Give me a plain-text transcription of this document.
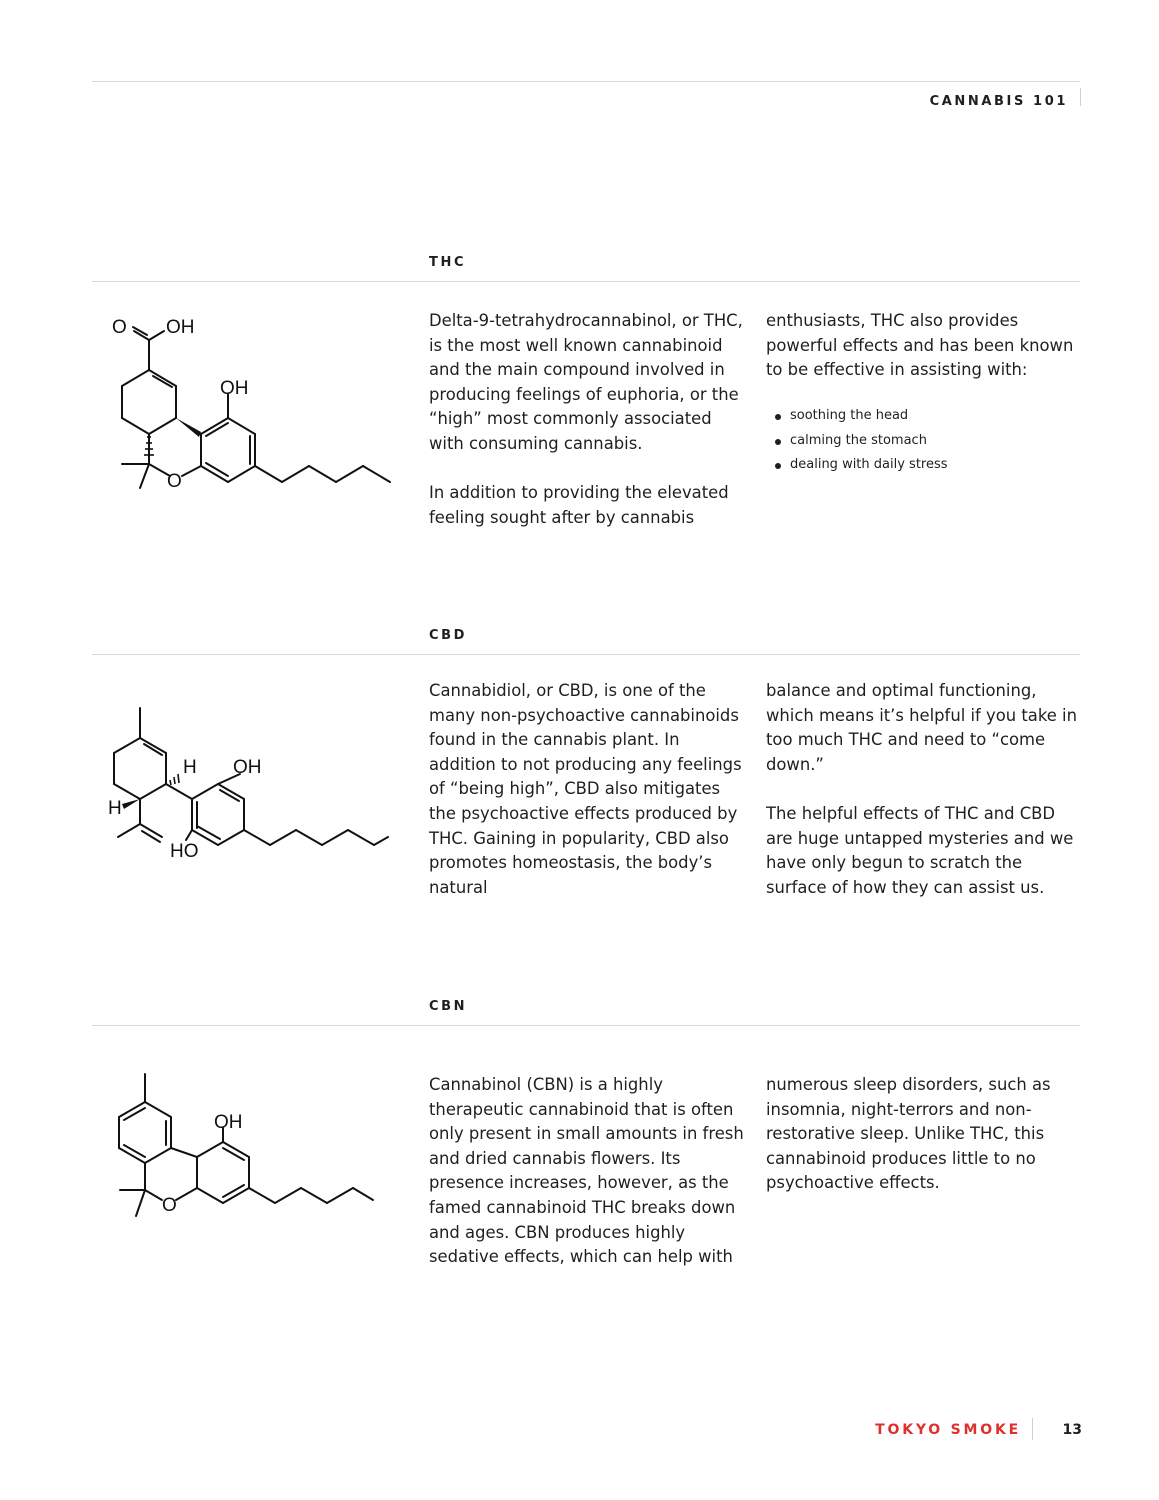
CANNABIS 101
THC
O OH
OH
O

Delta-9-tetrahydrocannabinol, or THC, is the most well known cannabinoid and the main compound involved in producing feelings of euphoria, or the “high” most commonly associated with consuming cannabis.

In addition to providing the elevated feeling sought after by cannabis

enthusiasts, THC also provides powerful effects and has been known to be effective in assisting with:

soothing the head
calming the stomach
dealing with daily stress
CBD
H OH
H
HO

Cannabidiol, or CBD, is one of the many non-psychoactive cannabinoids found in the cannabis plant. In addition to not producing any feelings of “being high”, CBD also mitigates the psychoactive effects produced by THC. Gaining in popularity, CBD also promotes homeostasis, the body’s natural

balance and optimal functioning, which means it’s helpful if you take in too much THC and need to “come down.”

The helpful effects of THC and CBD are huge untapped mysteries and we have only begun to scratch the surface of how they can assist us.

CBN
OH
O

Cannabinol (CBN) is a highly therapeutic cannabinoid that is often only present in small amounts in fresh and dried cannabis flowers. Its presence increases, however, as the famed cannabinoid THC breaks down and ages. CBN produces highly sedative effects, which can help with

numerous sleep disorders, such as insomnia, night-terrors and non-restorative sleep. Unlike THC, this cannabinoid produces little to no psychoactive effects.

TOKYO SMOKE	13
